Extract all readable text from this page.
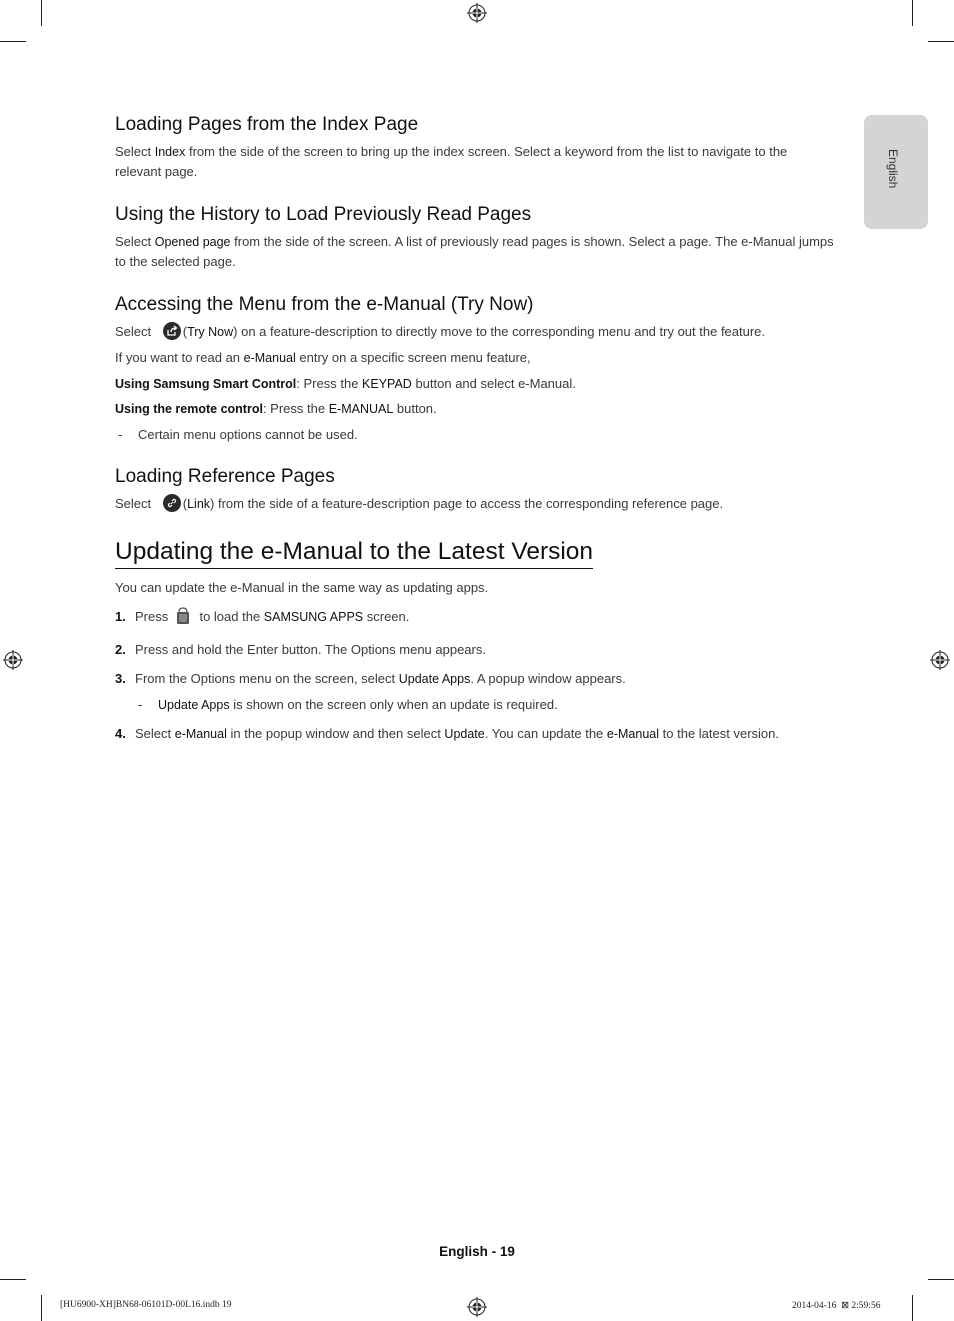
English
Loading Pages from the Index Page

Select Index from the side of the screen to bring up the index screen. Select a keyword from the list to navigate to the relevant page.

Using the History to Load Previously Read Pages

Select Opened page from the side of the screen. A list of previously read pages is shown. Select a page. The e-Manual jumps to the selected page.

Accessing the Menu from the e-Manual (Try Now)

Select
(Try Now) on a feature-description to directly move to the corresponding menu and try out the feature.

If you want to read an e-Manual entry on a specific screen menu feature,

Using Samsung Smart Control: Press the KEYPAD button and select e-Manual.

Using the remote control: Press the E-MANUAL button.

- Certain menu options cannot be used.

Loading Reference Pages

Select
(Link) from the side of a feature-description page to access the corresponding reference page.

Updating the e-Manual to the Latest Version

You can update the e-Manual in the same way as updating apps.

1. Press  to load the SAMSUNG APPS screen.

2. Press and hold the Enter button. The Options menu appears.

3. From the Options menu on the screen, select Update Apps. A popup window appears.

- Update Apps is shown on the screen only when an update is required.

4. Select e-Manual in the popup window and then select Update. You can update the e-Manual to the latest version.

English - 19
[HU6900-XH]BN68-06101D-00L16.indb 19	2014-04-16 ⊠ 2:59:56
